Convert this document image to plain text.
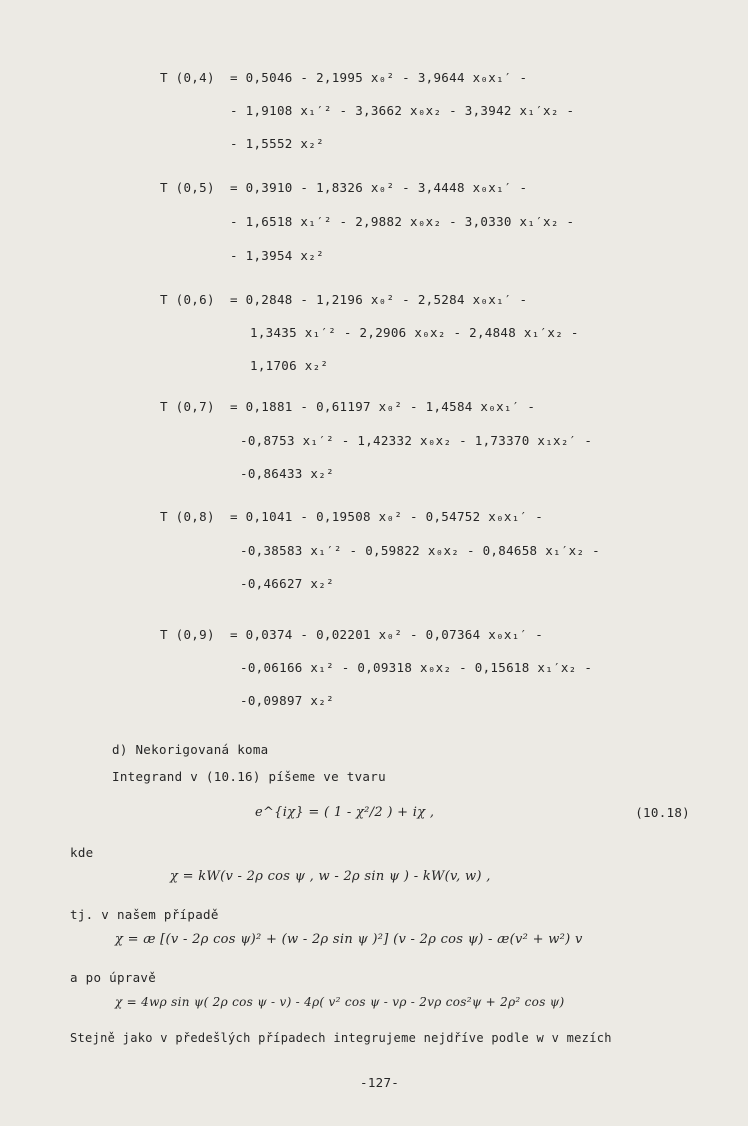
T (0,4) = 0,5046 - 2,1995 x₀² - 3,9644 x₀x₁′ -
- 1,9108 x₁′² - 3,3662 x₀x₂ - 3,3942 x₁′x₂ -
- 1,5552 x₂²
T (0,5) = 0,3910 - 1,8326 x₀² - 3,4448 x₀x₁′ -
- 1,6518 x₁′² - 2,9882 x₀x₂ - 3,0330 x₁′x₂ -
- 1,3954 x₂²
T (0,6) = 0,2848 - 1,2196 x₀² - 2,5284 x₀x₁′ -
1,3435 x₁′² - 2,2906 x₀x₂ - 2,4848 x₁′x₂ -
1,1706 x₂²
T (0,7) = 0,1881 - 0,61197 x₀² - 1,4584 x₀x₁′ -
-0,8753 x₁′² - 1,42332 x₀x₂ - 1,73370 x₁x₂′ -
-0,86433 x₂²
T (0,8) = 0,1041 - 0,19508 x₀² - 0,54752 x₀x₁′ -
-0,38583 x₁′² - 0,59822 x₀x₂ - 0,84658 x₁′x₂ -
-0,46627 x₂²
T (0,9) = 0,0374 - 0,02201 x₀² - 0,07364 x₀x₁′ -
-0,06166 x₁² - 0,09318 x₀x₂ - 0,15618 x₁′x₂ -
-0,09897 x₂²
d) Nekorigovaná koma
Integrand v (10.16) píšeme ve tvaru
e^{iχ} = ( 1 - χ²/2 ) + iχ ,	(10.18)
kde
χ = kW(v - 2ρ cos ψ , w - 2ρ sin ψ ) - kW(v, w) ,
tj. v našem případě
χ = æ [(v - 2ρ cos ψ)² + (w - 2ρ sin ψ )²] (v - 2ρ cos ψ) - æ(v² + w²) v
a po úpravě
χ = 4wρ sin ψ( 2ρ cos ψ - v) - 4ρ( v² cos ψ - vρ - 2vρ cos²ψ + 2ρ² cos ψ)
Stejně jako v předešlých případech integrujeme nejdříve podle w v mezích
-127-
